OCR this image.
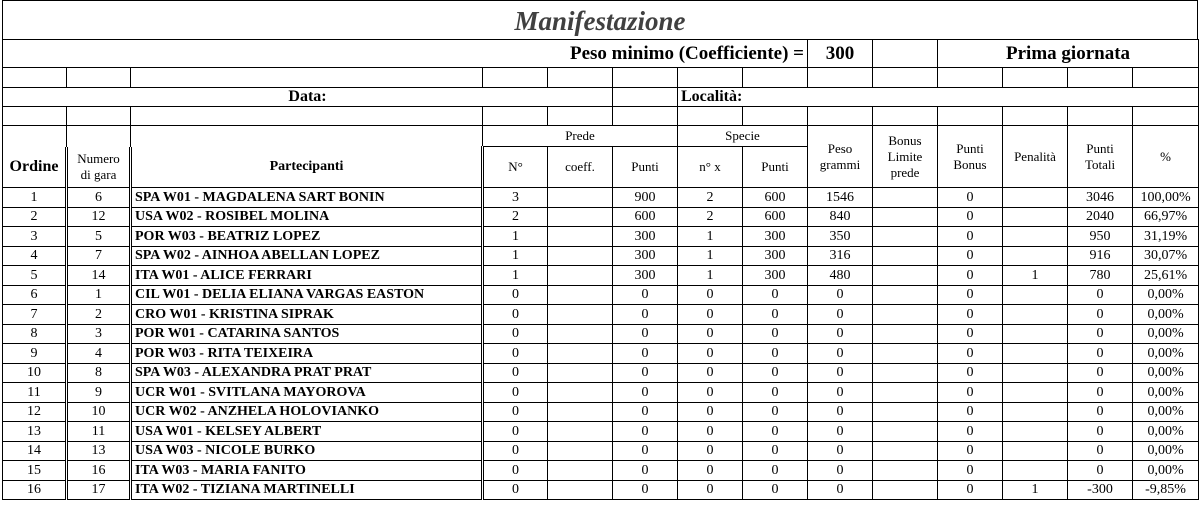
Manifestazione
Peso minimo (Coefficiente) =								300		Prima giornata			

Data:						Località:							

			Prede			Specie		Peso grammi	Bonus Limite prede	Punti Bonus	Penalità	Punti Totali	%
Ordine	Numero di gara	Partecipanti	N°	coeff.	Punti	n° x	Punti						
1	6	SPA W01 - MAGDALENA SART BONIN	3		900	2	600	1546		0		3046	100,00%
2	12	USA W02 - ROSIBEL MOLINA	2		600	2	600	840		0		2040	66,97%
3	5	POR W03 - BEATRIZ LOPEZ	1		300	1	300	350		0		950	31,19%
4	7	SPA W02 - AINHOA ABELLAN LOPEZ	1		300	1	300	316		0		916	30,07%
5	14	ITA W01 - ALICE FERRARI	1		300	1	300	480		0	1	780	25,61%
6	1	CIL W01 - DELIA ELIANA VARGAS EASTON	0		0	0	0	0		0		0	0,00%
7	2	CRO W01 - KRISTINA SIPRAK	0		0	0	0	0		0		0	0,00%
8	3	POR W01 - CATARINA SANTOS	0		0	0	0	0		0		0	0,00%
9	4	POR W03 - RITA TEIXEIRA	0		0	0	0	0		0		0	0,00%
10	8	SPA W03 - ALEXANDRA PRAT PRAT	0		0	0	0	0		0		0	0,00%
11	9	UCR W01 - SVITLANA MAYOROVA	0		0	0	0	0		0		0	0,00%
12	10	UCR W02 - ANZHELA HOLOVIANKO	0		0	0	0	0		0		0	0,00%
13	11	USA W01 - KELSEY ALBERT	0		0	0	0	0		0		0	0,00%
14	13	USA W03 - NICOLE BURKO	0		0	0	0	0		0		0	0,00%
15	16	ITA W03 - MARIA FANITO	0		0	0	0	0		0		0	0,00%
16	17	ITA W02 - TIZIANA MARTINELLI	0		0	0	0	0		0	1	-300	-9,85%
